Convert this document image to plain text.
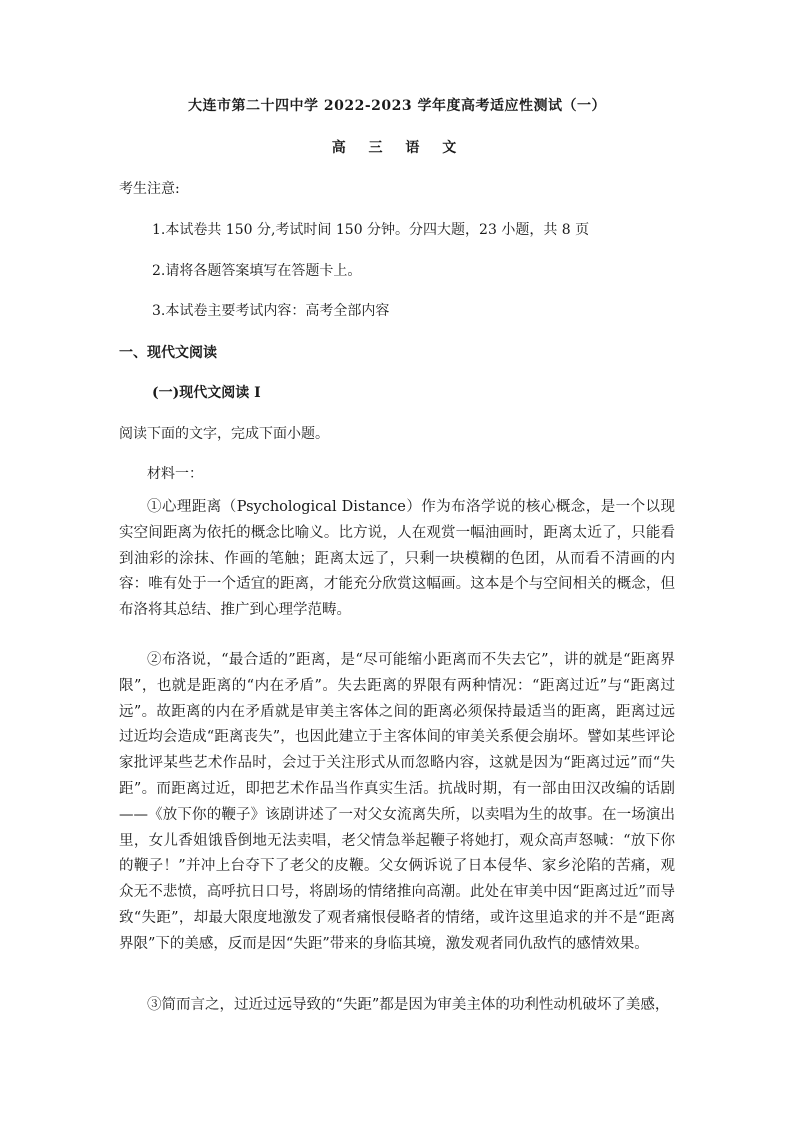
大连市第二十四中学 2022-2023 学年度高考适应性测试（一）
高 三 语 文
考生注意:
1.本试卷共 150 分,考试时间 150 分钟。分四大题，23 小题，共 8 页
2.请将各题答案填写在答题卡上。
3.本试卷主要考试内容：高考全部内容
一、现代文阅读
(一)现代文阅读 I
阅读下面的文字，完成下面小题。
材料一：

①心理距离（Psychological Distance）作为布洛学说的核心概念，是一个以现实空间距离为依托的概念比喻义。比方说，人在观赏一幅油画时，距离太近了，只能看到油彩的涂抹、作画的笔触；距离太远了，只剩一块模糊的色团，从而看不清画的内容：唯有处于一个适宜的距离，才能充分欣赏这幅画。这本是个与空间相关的概念，但布洛将其总结、推广到心理学范畴。

②布洛说，“最合适的”距离，是“尽可能缩小距离而不失去它”，讲的就是“距离界限”，也就是距离的“内在矛盾”。失去距离的界限有两种情况：“距离过近”与“距离过远”。故距离的内在矛盾就是审美主客体之间的距离必须保持最适当的距离，距离过远过近均会造成“距离丧失”，也因此建立于主客体间的审美关系便会崩坏。譬如某些评论家批评某些艺术作品时，会过于关注形式从而忽略内容，这就是因为“距离过远”而“失距”。而距离过近，即把艺术作品当作真实生活。抗战时期，有一部由田汉改编的话剧——《放下你的鞭子》该剧讲述了一对父女流离失所，以卖唱为生的故事。在一场演出里，女儿香姐饿昏倒地无法卖唱，老父情急举起鞭子将她打，观众高声怒喊：“放下你的鞭子！”并冲上台夺下了老父的皮鞭。父女俩诉说了日本侵华、家乡沦陷的苦痛，观众无不悲愤，高呼抗日口号，将剧场的情绪推向高潮。此处在审美中因“距离过近”而导致“失距”，却最大限度地激发了观者痛恨侵略者的情绪，或许这里追求的并不是“距离界限”下的美感，反而是因“失距”带来的身临其境，激发观者同仇敌忾的感情效果。

③简而言之，过近过远导致的“失距”都是因为审美主体的功利性动机破坏了美感，
